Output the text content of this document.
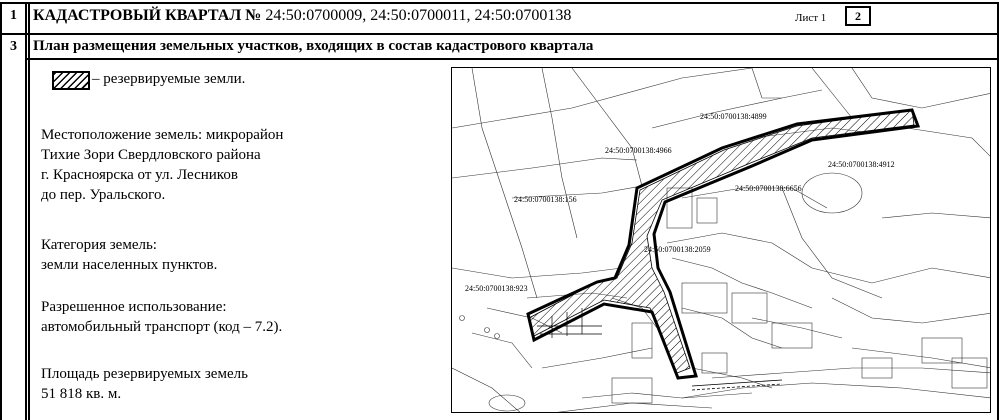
1	КАДАСТРОВЫЙ КВАРТАЛ № 24:50:0700009, 24:50:0700011, 24:50:0700138	Лист 1	2
3	План размещения земельных участков, входящих в состав кадастрового квартала
– резервируемые земли.
Местоположение земель: микрорайон
Тихие Зори Свердловского района
г. Красноярска от ул. Лесников
до пер. Уральского.
Категория земель:
земли населенных пунктов.
Разрешенное использование:
автомобильный транспорт (код – 7.2).
Площадь резервируемых земель
51 818 кв. м.
24:50:0700138:4899
24:50:0700138:4966
24:50:0700138:4912
24:50:0700138:6656
24:50:0700138:156
24:50:0700138:2059
24:50:0700138:923
